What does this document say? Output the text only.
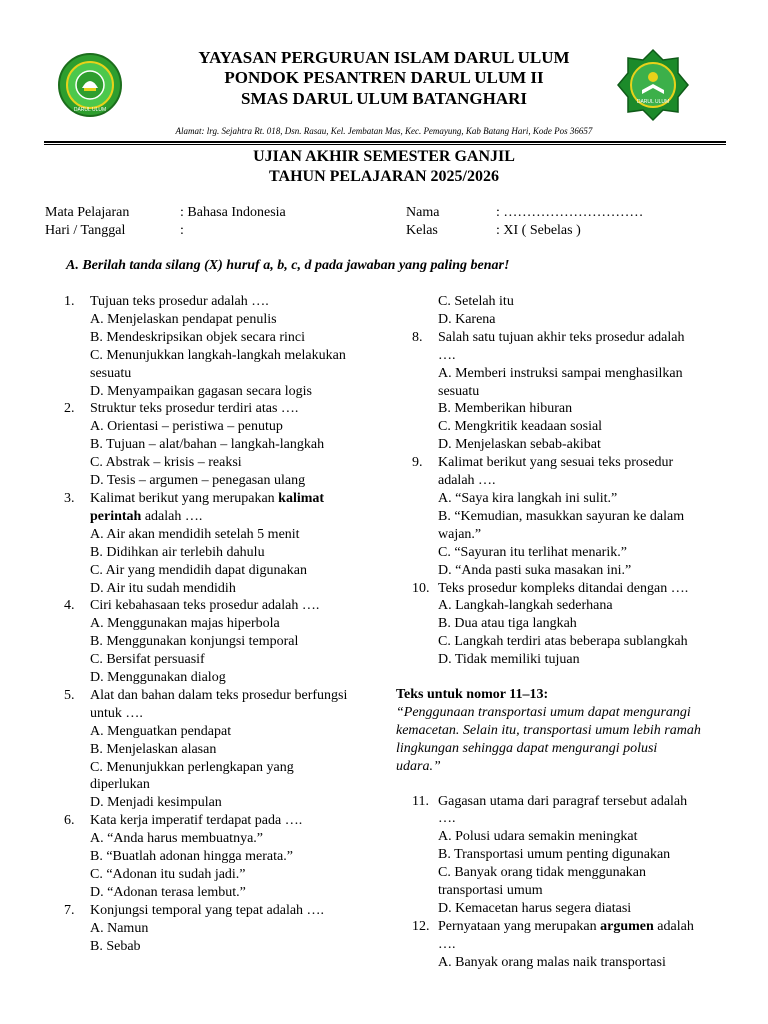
DARUL ULUM
DARUL ULUM
YAYASAN PERGURUAN ISLAM DARUL ULUM
PONDOK PESANTREN DARUL ULUM II
SMAS DARUL ULUM BATANGHARI
Alamat: lrg. Sejahtra Rt. 018, Dsn. Rasau, Kel. Jembatan Mas, Kec. Pemayung, Kab Batang Hari, Kode Pos 36657
UJIAN AKHIR SEMESTER GANJIL
TAHUN PELAJARAN 2025/2026
Mata Pelajaran	: Bahasa Indonesia
Hari / Tanggal	:
Nama	: …………………………
Kelas	: XI ( Sebelas )
A. Berilah tanda silang (X) huruf a, b, c, d pada jawaban yang paling benar!
1.	Tujuan teks prosedur adalah ….
A. Menjelaskan pendapat penulis
B. Mendeskripsikan objek secara rinci
C. Menunjukkan langkah-langkah melakukan
sesuatu
D. Menyampaikan gagasan secara logis
2.	Struktur teks prosedur terdiri atas ….
A. Orientasi – peristiwa – penutup
B. Tujuan – alat/bahan – langkah-langkah
C. Abstrak – krisis – reaksi
D. Tesis – argumen – penegasan ulang
3.	Kalimat berikut yang merupakan kalimat
perintah adalah ….
A. Air akan mendidih setelah 5 menit
B. Didihkan air terlebih dahulu
C. Air yang mendidih dapat digunakan
D. Air itu sudah mendidih
4.	Ciri kebahasaan teks prosedur adalah ….
A. Menggunakan majas hiperbola
B. Menggunakan konjungsi temporal
C. Bersifat persuasif
D. Menggunakan dialog
5.	Alat dan bahan dalam teks prosedur berfungsi
untuk ….
A. Menguatkan pendapat
B. Menjelaskan alasan
C. Menunjukkan perlengkapan yang
diperlukan
D. Menjadi kesimpulan
6.	Kata kerja imperatif terdapat pada ….
A. “Anda harus membuatnya.”
B. “Buatlah adonan hingga merata.”
C. “Adonan itu sudah jadi.”
D. “Adonan terasa lembut.”
7.	Konjungsi temporal yang tepat adalah ….
A. Namun
B. Sebab
C. Setelah itu
D. Karena
8.	Salah satu tujuan akhir teks prosedur adalah
….
A. Memberi instruksi sampai menghasilkan
sesuatu
B. Memberikan hiburan
C. Mengkritik keadaan sosial
D. Menjelaskan sebab-akibat
9.	Kalimat berikut yang sesuai teks prosedur
adalah ….
A. “Saya kira langkah ini sulit.”
B. “Kemudian, masukkan sayuran ke dalam
wajan.”
C. “Sayuran itu terlihat menarik.”
D. “Anda pasti suka masakan ini.”
10. Teks prosedur kompleks ditandai dengan ….
A. Langkah-langkah sederhana
B. Dua atau tiga langkah
C. Langkah terdiri atas beberapa sublangkah
D. Tidak memiliki tujuan
Teks untuk nomor 11–13:
“Penggunaan transportasi umum dapat mengurangi
kemacetan. Selain itu, transportasi umum lebih ramah
lingkungan sehingga dapat mengurangi polusi
udara.”
11. Gagasan utama dari paragraf tersebut adalah
….
A. Polusi udara semakin meningkat
B. Transportasi umum penting digunakan
C. Banyak orang tidak menggunakan
transportasi umum
D. Kemacetan harus segera diatasi
12. Pernyataan yang merupakan argumen adalah
….
A. Banyak orang malas naik transportasi
